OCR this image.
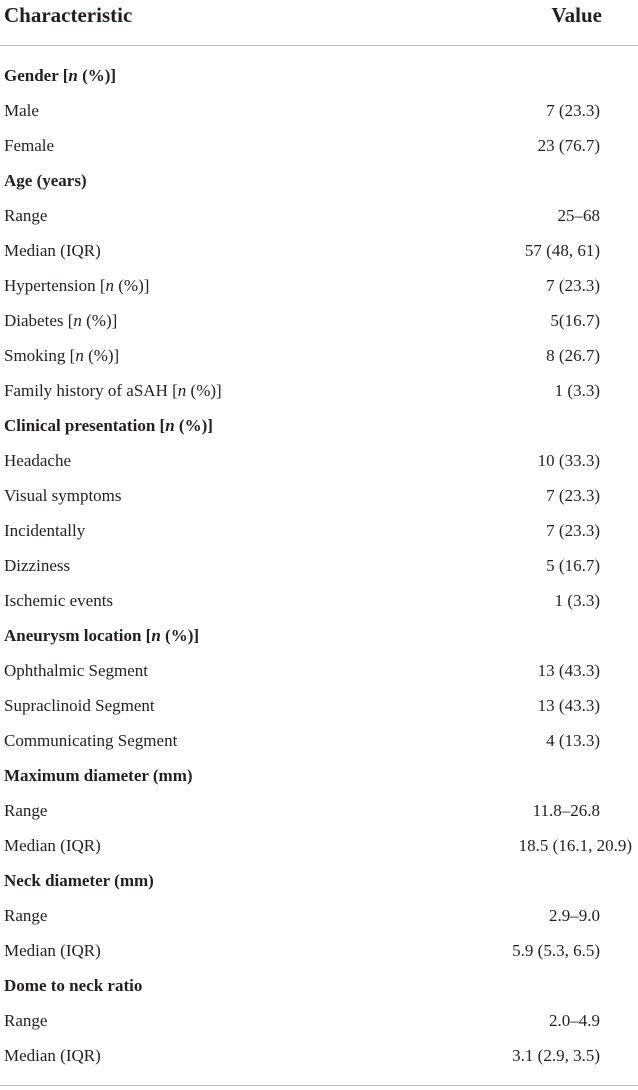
Characteristic	Value
Gender [n (%)]
Male	7 (23.3)
Female	23 (76.7)
Age (years)
Range	25–68
Median (IQR)	57 (48, 61)
Hypertension [n (%)]	7 (23.3)
Diabetes [n (%)]	5(16.7)
Smoking [n (%)]	8 (26.7)
Family history of aSAH [n (%)]	1 (3.3)
Clinical presentation [n (%)]
Headache	10 (33.3)
Visual symptoms	7 (23.3)
Incidentally	7 (23.3)
Dizziness	5 (16.7)
Ischemic events	1 (3.3)
Aneurysm location [n (%)]
Ophthalmic Segment	13 (43.3)
Supraclinoid Segment	13 (43.3)
Communicating Segment	4 (13.3)
Maximum diameter (mm)
Range	11.8–26.8
Median (IQR)	18.5 (16.1, 20.9)
Neck diameter (mm)
Range	2.9–9.0
Median (IQR)	5.9 (5.3, 6.5)
Dome to neck ratio
Range	2.0–4.9
Median (IQR)	3.1 (2.9, 3.5)
